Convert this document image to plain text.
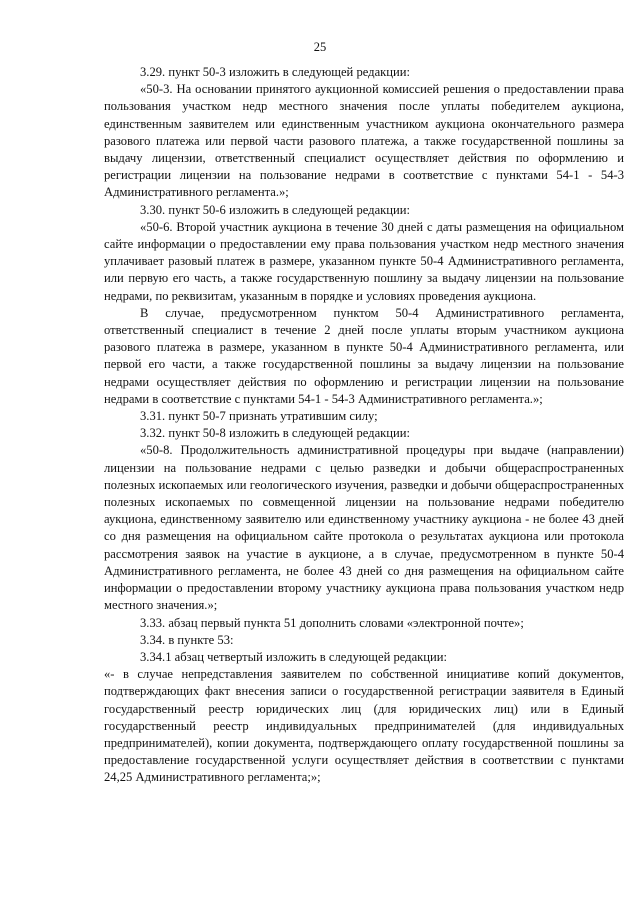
25

3.29. пункт 50-3 изложить в следующей редакции:

«50-3. На основании принятого аукционной комиссией решения о предоставлении права пользования участком недр местного значения после уплаты победителем аукциона, единственным заявителем или единственным участником аукциона окончательного размера разового платежа или первой части разового платежа, а также государственной пошлины за выдачу лицензии, ответственный специалист осуществляет действия по оформлению и регистрации лицензии на пользование недрами в соответствие с пунктами 54-1 - 54-3 Административного регламента.»;

3.30. пункт 50-6 изложить в следующей редакции:

«50-6. Второй участник аукциона в течение 30 дней с даты размещения на официальном сайте информации о предоставлении ему права пользования участком недр местного значения уплачивает разовый платеж в размере, указанном пункте 50-4 Административного регламента, или первую его часть, а также государственную пошлину за выдачу лицензии на пользование недрами, по реквизитам, указанным в порядке и условиях проведения аукциона.

В случае, предусмотренном пунктом 50-4 Административного регламента, ответственный специалист в течение 2 дней после уплаты вторым участником аукциона разового платежа в размере, указанном в пункте 50-4 Административного регламента, или первой его части, а также государственной пошлины за выдачу лицензии на пользование недрами осуществляет действия по оформлению и регистрации лицензии на пользование недрами в соответствие с пунктами 54-1 - 54-3 Административного регламента.»;

3.31. пункт 50-7 признать утратившим силу;

3.32. пункт 50-8 изложить в следующей редакции:

«50-8. Продолжительность административной процедуры при выдаче (направлении) лицензии на пользование недрами с целью разведки и добычи общераспространенных полезных ископаемых или геологического изучения, разведки и добычи общераспространенных полезных ископаемых по совмещенной лицензии на пользование недрами победителю аукциона, единственному заявителю или единственному участнику аукциона - не более 43 дней со дня размещения на официальном сайте протокола о результатах аукциона или протокола рассмотрения заявок на участие в аукционе, а в случае, предусмотренном в пункте 50-4 Административного регламента, не более 43 дней со дня размещения на официальном сайте информации о предоставлении второму участнику аукциона права пользования участком недр местного значения.»;

3.33. абзац первый пункта 51 дополнить словами «электронной почте»;

3.34. в пункте 53:

3.34.1 абзац четвертый изложить в следующей редакции:

«- в случае непредставления заявителем по собственной инициативе копий документов, подтверждающих факт внесения записи о государственной регистрации заявителя в Единый государственный реестр юридических лиц (для юридических лиц) или в Единый государственный реестр индивидуальных предпринимателей (для индивидуальных предпринимателей), копии документа, подтверждающего оплату государственной пошлины за предоставление государственной услуги осуществляет действия в соответствии с пунктами 24,25 Административного регламента;»;
